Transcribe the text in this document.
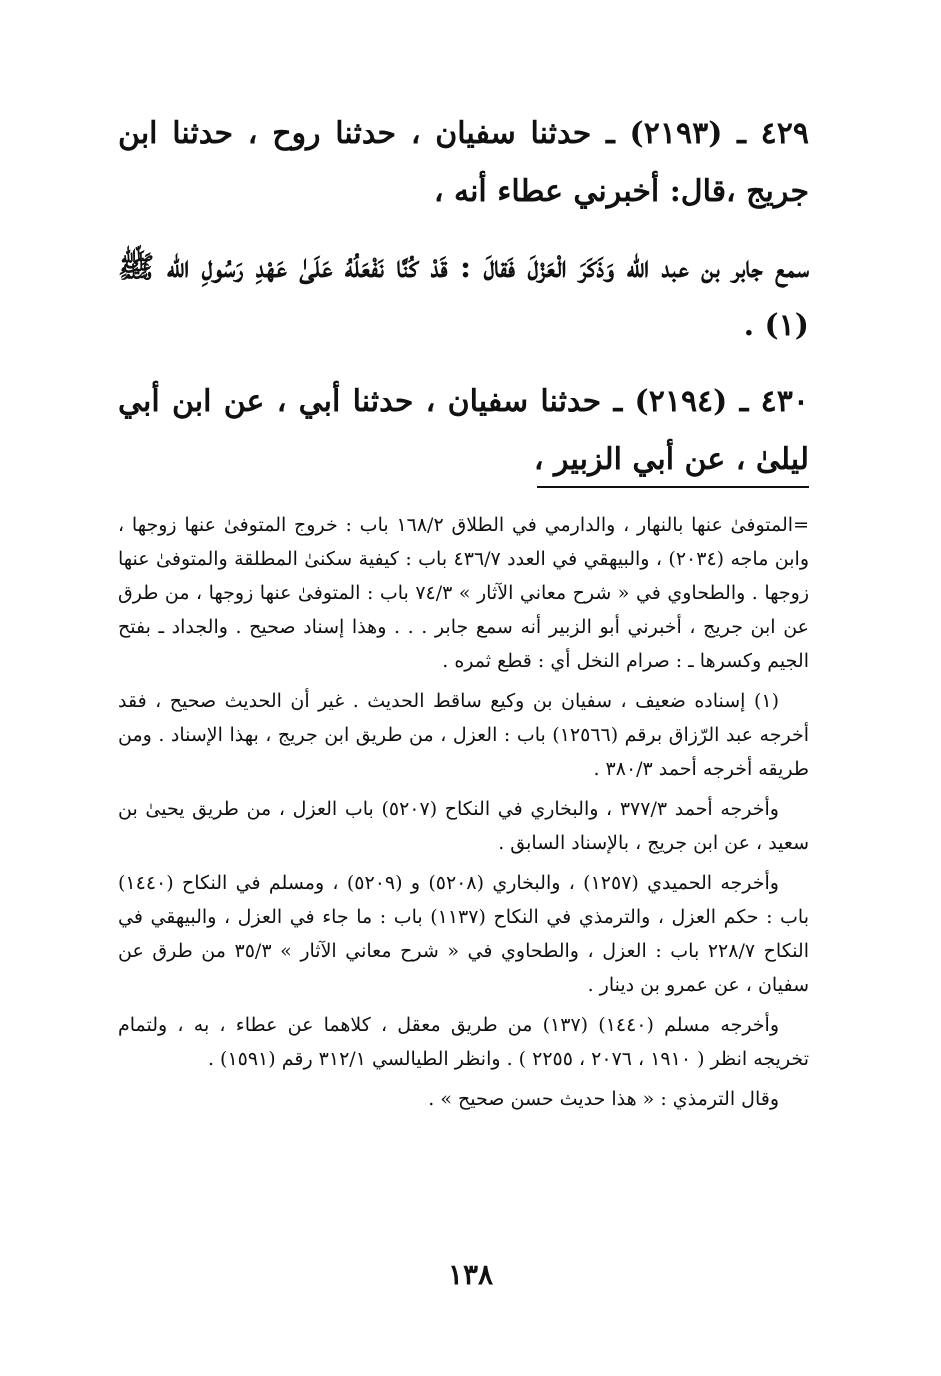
٤٢٩ ـ (٢١٩٣) ـ حدثنا سفيان ، حدثنا روح ، حدثنا ابن جريج ،قال: أخبرني عطاء أنه ،

سمع جابر بن عبد الله وَذَكَرَ الْعَزْلَ فَقالَ : قَدْ كُنَّا نَفْعَلُهُ عَلَىٰ عَهْدِ رَسُولِ الله ﷺ (١) .

٤٣٠ ـ (٢١٩٤) ـ حدثنا سفيان ، حدثنا أبي ، عن ابن أبي ليلىٰ ، عن أبي الزبير ،

=المتوفىٰ عنها بالنهار ، والدارمي في الطلاق ١٦٨/٢ باب : خروج المتوفىٰ عنها زوجها ، وابن ماجه (٢٠٣٤) ، والبيهقي في العدد ٤٣٦/٧ باب : كيفية سكنىٰ المطلقة والمتوفىٰ عنها زوجها . والطحاوي في « شرح معاني الآثار » ٧٤/٣ باب : المتوفىٰ عنها زوجها ، من طرق عن ابن جريج ، أخبرني أبو الزبير أنه سمع جابر . . . وهذا إسناد صحيح . والجداد ـ بفتح الجيم وكسرها ـ : صرام النخل أي : قطع ثمره .

(١) إسناده ضعيف ، سفيان بن وكيع ساقط الحديث . غير أن الحديث صحيح ، فقد أخرجه عبد الرّزاق برقم (١٢٥٦٦) باب : العزل ، من طريق ابن جريج ، بهذا الإسناد . ومن طريقه أخرجه أحمد ٣٨٠/٣ .

وأخرجه أحمد ٣٧٧/٣ ، والبخاري في النكاح (٥٢٠٧) باب العزل ، من طريق يحيىٰ بن سعيد ، عن ابن جريج ، بالإسناد السابق .

وأخرجه الحميدي (١٢٥٧) ، والبخاري (٥٢٠٨) و (٥٢٠٩) ، ومسلم في النكاح (١٤٤٠) باب : حكم العزل ، والترمذي في النكاح (١١٣٧) باب : ما جاء في العزل ، والبيهقي في النكاح ٢٢٨/٧ باب : العزل ، والطحاوي في « شرح معاني الآثار » ٣٥/٣ من طرق عن سفيان ، عن عمرو بن دينار .

وأخرجه مسلم (١٤٤٠) (١٣٧) من طريق معقل ، كلاهما عن عطاء ، به ، ولتمام تخريجه انظر ( ١٩١٠ ، ٢٠٧٦ ، ٢٢٥٥ ) . وانظر الطيالسي ٣١٢/١ رقم (١٥٩١) .

وقال الترمذي : « هذا حديث حسن صحيح » .

١٣٨
